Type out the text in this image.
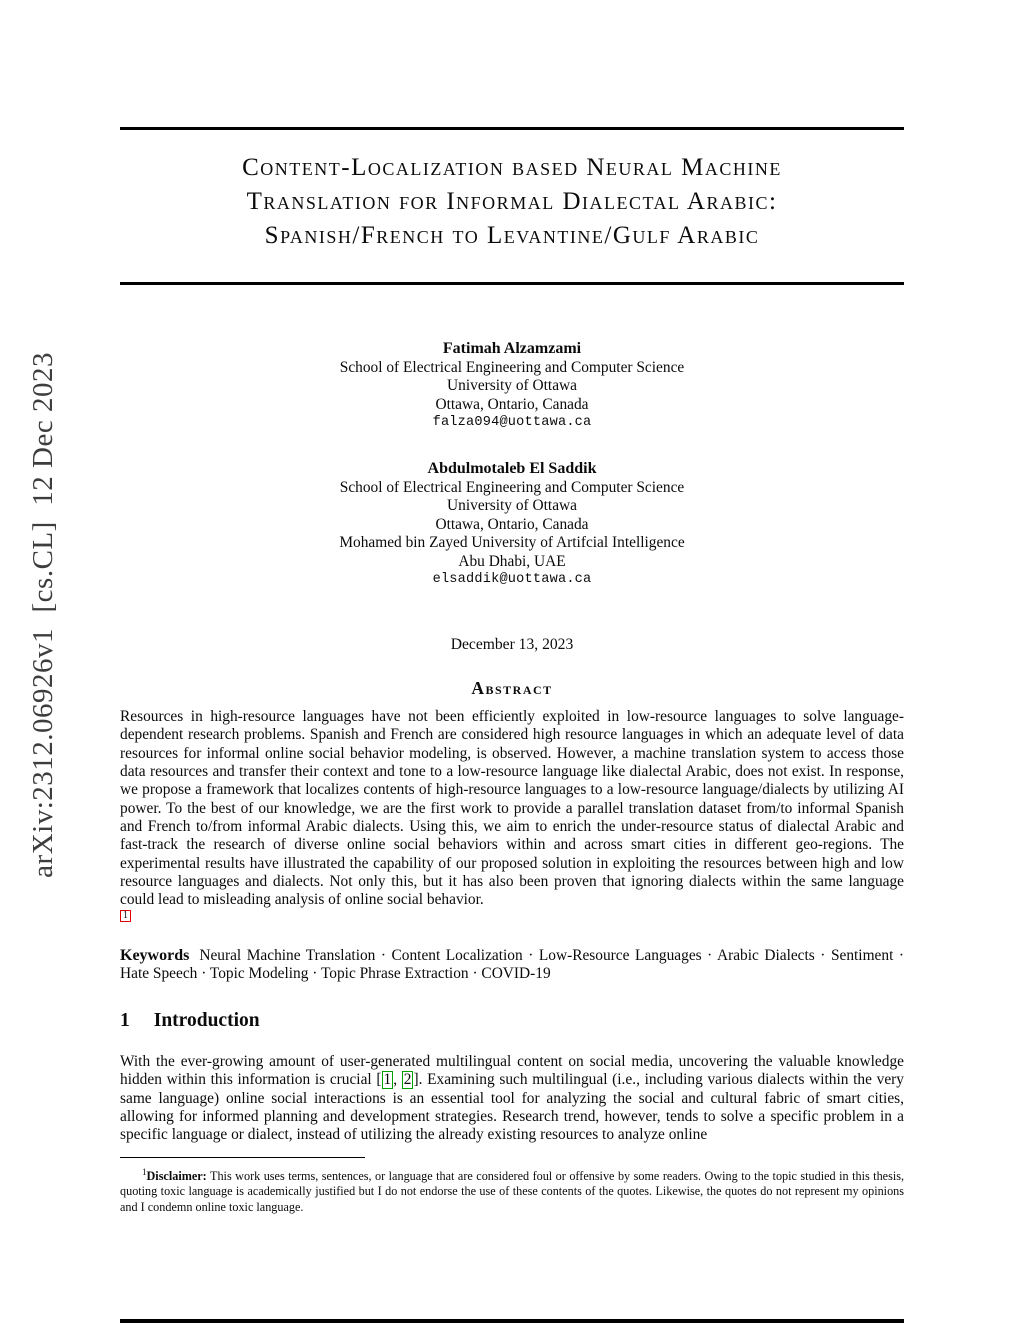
arXiv:2312.06926v1  [cs.CL]  12 Dec 2023
Content-Localization based Neural Machine
Translation for Informal Dialectal Arabic:
Spanish/French to Levantine/Gulf Arabic
Fatimah Alzamzami
School of Electrical Engineering and Computer Science
University of Ottawa
Ottawa, Ontario, Canada
falza094@uottawa.ca
Abdulmotaleb El Saddik
School of Electrical Engineering and Computer Science
University of Ottawa
Ottawa, Ontario, Canada
Mohamed bin Zayed University of Artifcial Intelligence
Abu Dhabi, UAE
elsaddik@uottawa.ca
December 13, 2023
Abstract
Resources in high-resource languages have not been efficiently exploited in low-resource languages to solve language-dependent research problems. Spanish and French are considered high resource languages in which an adequate level of data resources for informal online social behavior modeling, is observed. However, a machine translation system to access those data resources and transfer their context and tone to a low-resource language like dialectal Arabic, does not exist. In response, we propose a framework that localizes contents of high-resource languages to a low-resource language/dialects by utilizing AI power. To the best of our knowledge, we are the first work to provide a parallel translation dataset from/to informal Spanish and French to/from informal Arabic dialects. Using this, we aim to enrich the under-resource status of dialectal Arabic and fast-track the research of diverse online social behaviors within and across smart cities in different geo-regions. The experimental results have illustrated the capability of our proposed solution in exploiting the resources between high and low resource languages and dialects. Not only this, but it has also been proven that ignoring dialects within the same language could lead to misleading analysis of online social behavior.
$^1$
Keywords Neural Machine Translation · Content Localization · Low-Resource Languages · Arabic Dialects · Sentiment · Hate Speech · Topic Modeling · Topic Phrase Extraction · COVID-19
1 Introduction
With the ever-growing amount of user-generated multilingual content on social media, uncovering the valuable knowledge hidden within this information is crucial [ 1 , 2 ]. Examining such multilingual (i.e., including various dialects within the very same language) online social interactions is an essential tool for analyzing the social and cultural fabric of smart cities, allowing for informed planning and development strategies. Research trend, however, tends to solve a specific problem in a specific language or dialect, instead of utilizing the already existing resources to analyze online
$^1$Disclaimer: This work uses terms, sentences, or language that are considered foul or offensive by some readers. Owing to the topic studied in this thesis, quoting toxic language is academically justified but I do not endorse the use of these contents of the quotes. Likewise, the quotes do not represent my opinions and I condemn online toxic language.
